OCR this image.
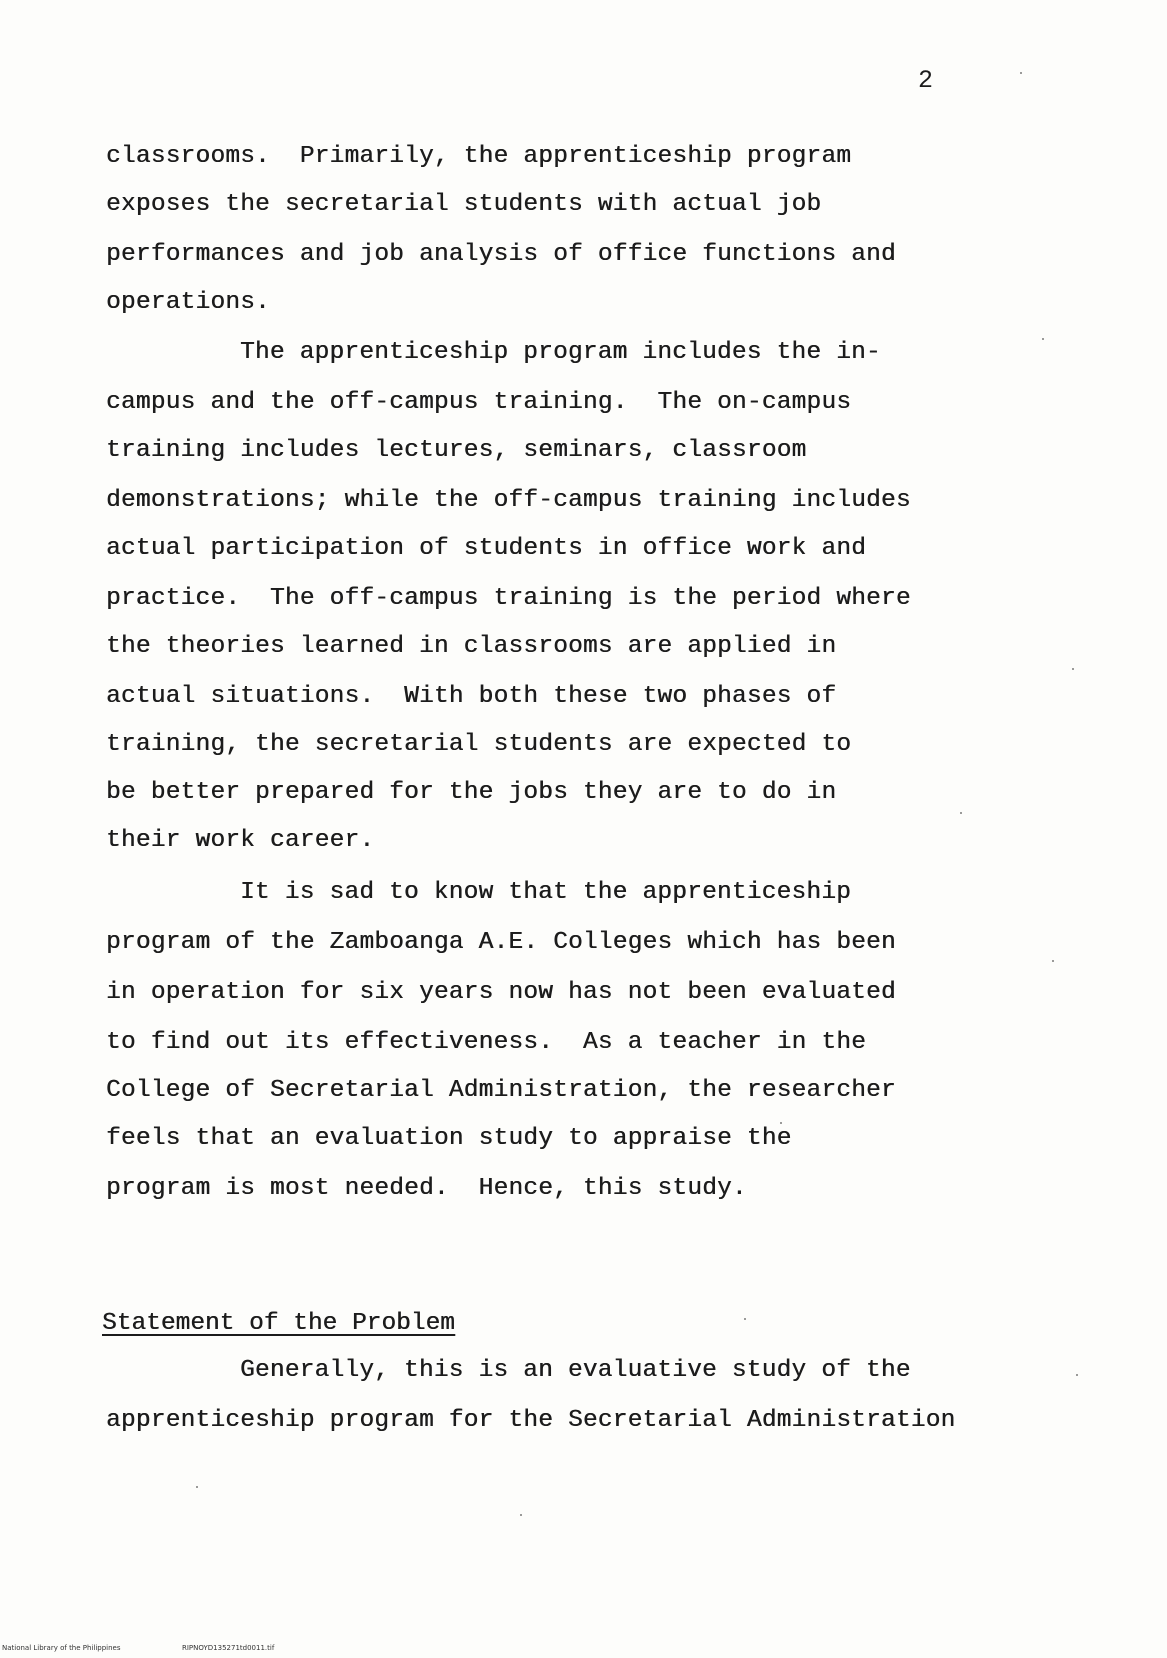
2
classrooms.  Primarily, the apprenticeship program
exposes the secretarial students with actual job
performances and job analysis of office functions and
operations.
The apprenticeship program includes the in-
campus and the off-campus training.  The on-campus
training includes lectures, seminars, classroom
demonstrations; while the off-campus training includes
actual participation of students in office work and
practice.  The off-campus training is the period where
the theories learned in classrooms are applied in
actual situations.  With both these two phases of
training, the secretarial students are expected to
be better prepared for the jobs they are to do in
their work career.
It is sad to know that the apprenticeship
program of the Zamboanga A.E. Colleges which has been
in operation for six years now has not been evaluated
to find out its effectiveness.  As a teacher in the
College of Secretarial Administration, the researcher
feels that an evaluation study to appraise the
program is most needed.  Hence, this study.
Statement of the Problem
Generally, this is an evaluative study of the
apprenticeship program for the Secretarial Administration
National Library of the Philippines	RIPNOYD135271td0011.tif
